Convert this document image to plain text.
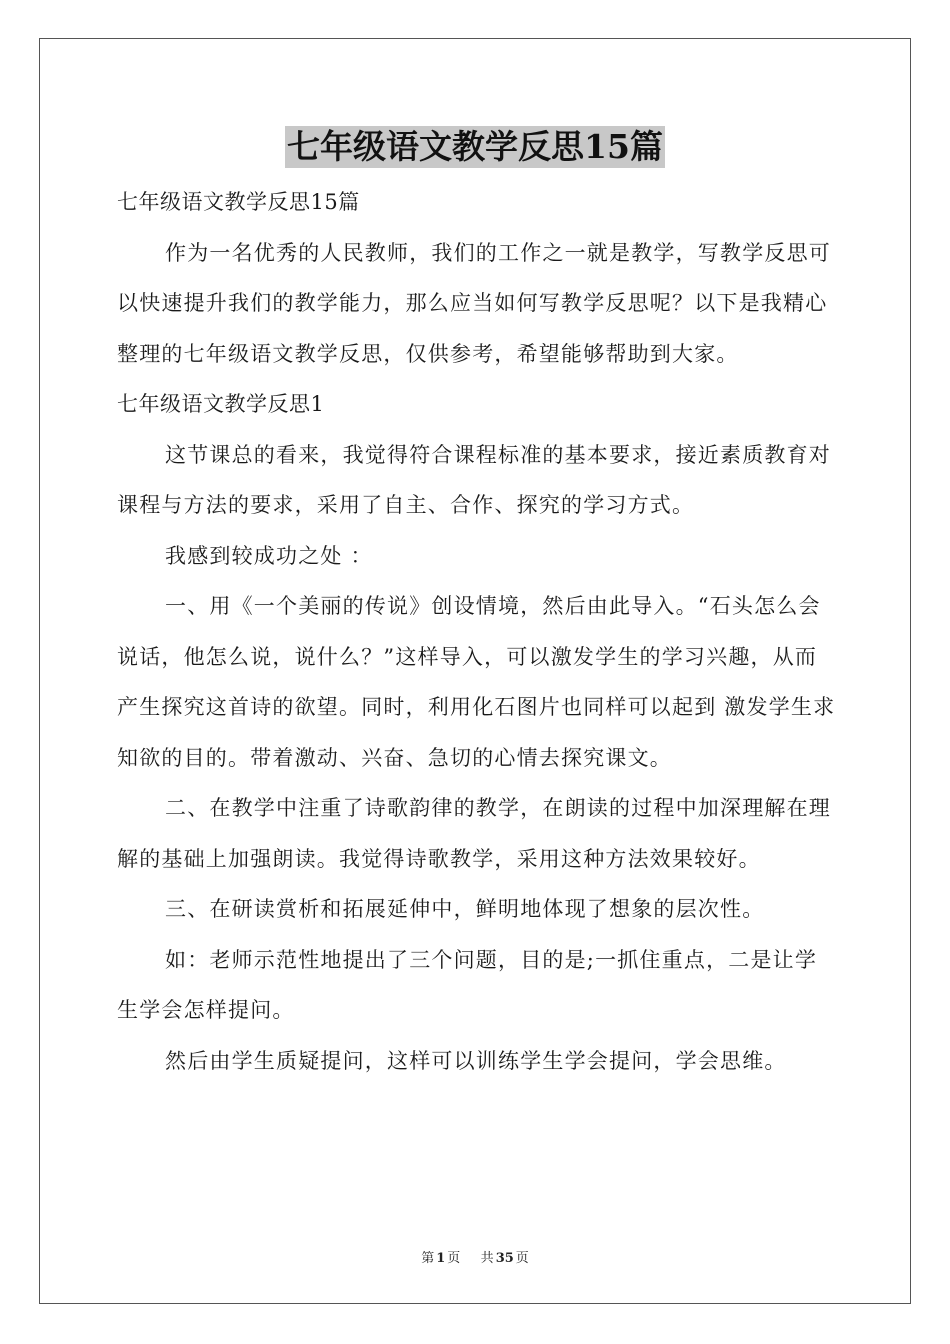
七年级语文教学反思15篇

七年级语文教学反思15篇

作为一名优秀的人民教师，我们的工作之一就是教学，写教学反思可以快速提升我们的教学能力，那么应当如何写教学反思呢？以下是我精心整理的七年级语文教学反思，仅供参考，希望能够帮助到大家。

七年级语文教学反思1

这节课总的看来，我觉得符合课程标准的基本要求，接近素质教育对课程与方法的要求，采用了自主、合作、探究的学习方式。

我感到较成功之处 ：

一、用《一个美丽的传说》创设情境，然后由此导入。“石头怎么会说话，他怎么说，说什么？”这样导入，可以激发学生的学习兴趣，从而产生探究这首诗的欲望。同时，利用化石图片也同样可以起到 激发学生求知欲的目的。带着激动、兴奋、急切的心情去探究课文。

二、在教学中注重了诗歌韵律的教学，在朗读的过程中加深理解在理解的基础上加强朗读。我觉得诗歌教学，采用这种方法效果较好。

三、在研读赏析和拓展延伸中，鲜明地体现了想象的层次性。

如：老师示范性地提出了三个问题，目的是;一抓住重点，二是让学生学会怎样提问。

然后由学生质疑提问，这样可以训练学生学会提问，学会思维。

第 1 页 共 35 页
